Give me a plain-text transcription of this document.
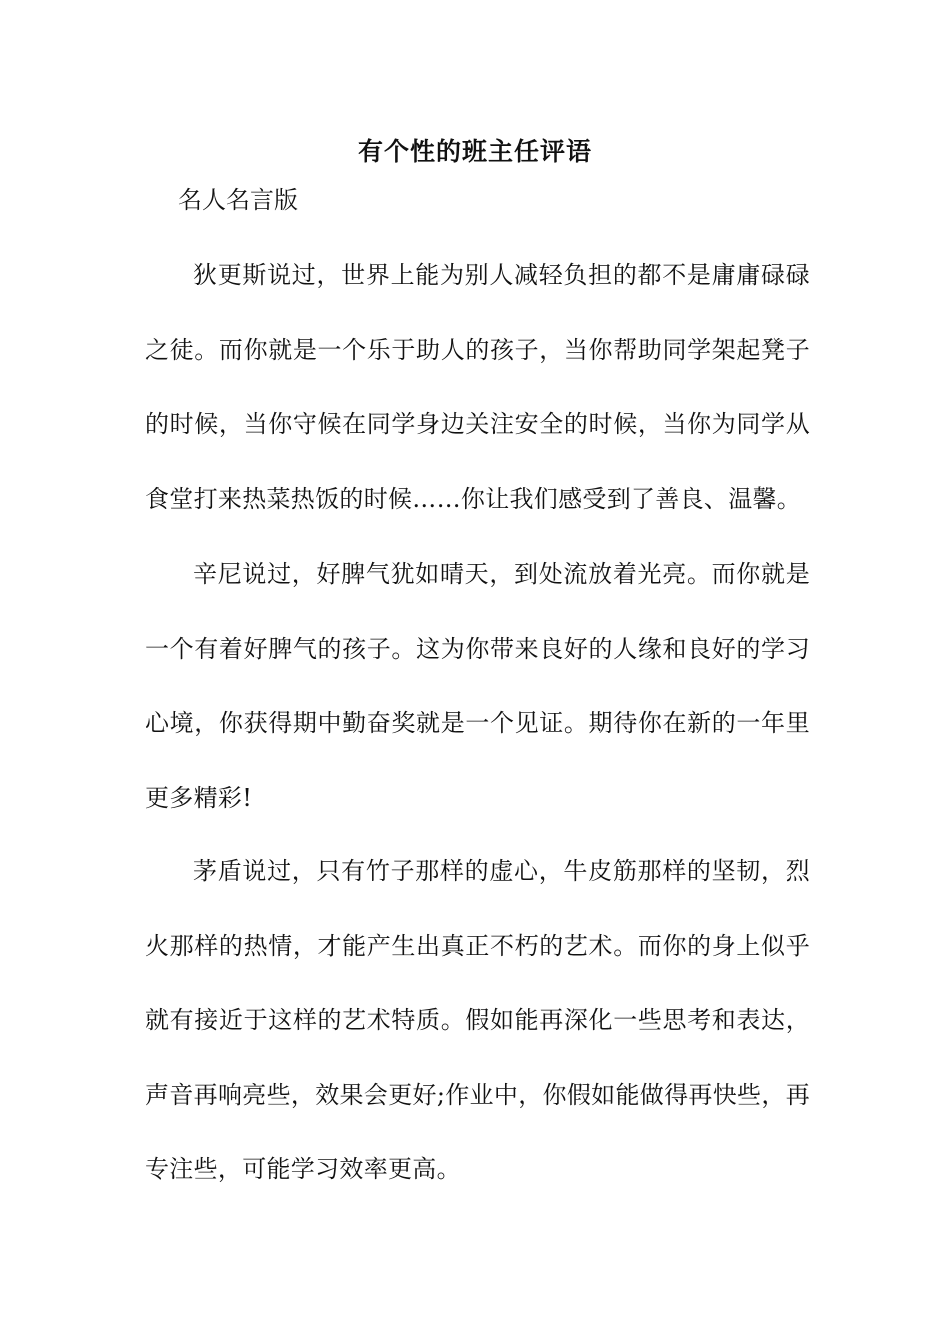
有个性的班主任评语
名人名言版

狄更斯说过，世界上能为别人减轻负担的都不是庸庸碌碌之徒。而你就是一个乐于助人的孩子，当你帮助同学架起凳子的时候，当你守候在同学身边关注安全的时候，当你为同学从食堂打来热菜热饭的时候……你让我们感受到了善良、温馨。

辛尼说过，好脾气犹如晴天，到处流放着光亮。而你就是一个有着好脾气的孩子。这为你带来良好的人缘和良好的学习心境，你获得期中勤奋奖就是一个见证。期待你在新的一年里更多精彩!

茅盾说过，只有竹子那样的虚心，牛皮筋那样的坚韧，烈火那样的热情，才能产生出真正不朽的艺术。而你的身上似乎就有接近于这样的艺术特质。假如能再深化一些思考和表达，声音再响亮些，效果会更好;作业中，你假如能做得再快些，再专注些，可能学习效率更高。
